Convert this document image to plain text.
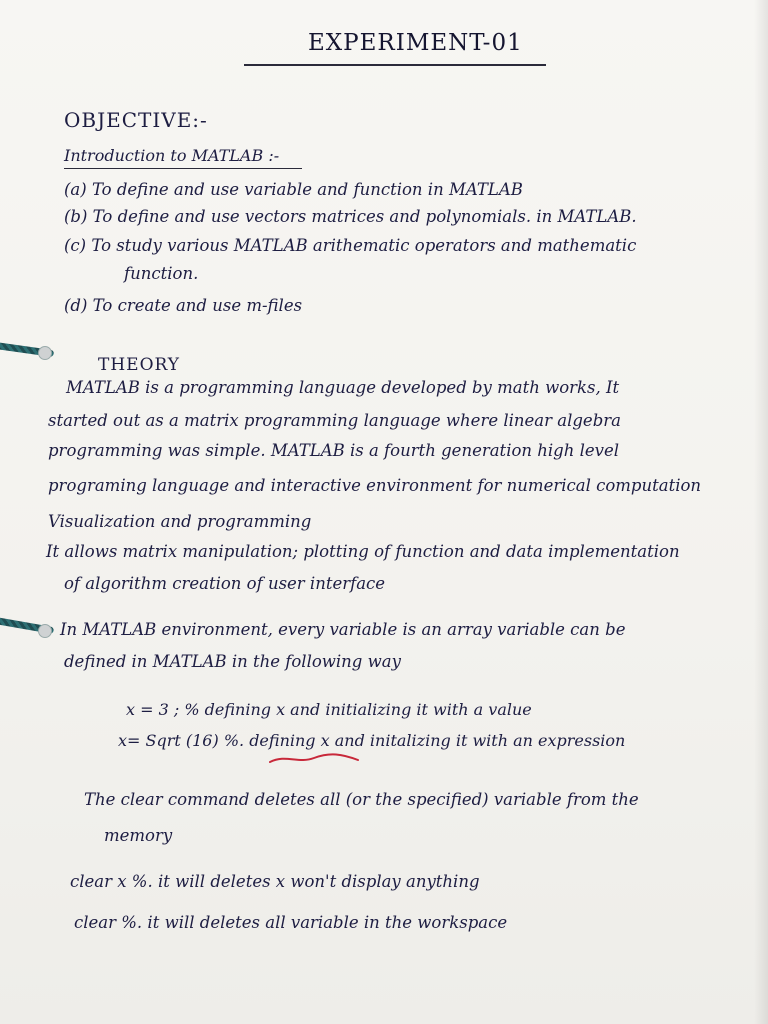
EXPERIMENT-01
OBJECTIVE:-
Introduction to MATLAB :-
(a) To define and use variable and function in MATLAB
(b) To define and use vectors matrices and polynomials. in MATLAB.
(c) To study various MATLAB arithematic operators and mathematic
function.
(d) To create and use m-files
THEORY
MATLAB is a programming language developed by math works, It
started out as a matrix programming language where linear algebra
programming was simple. MATLAB is a fourth generation high level
programing language and interactive environment for numerical computation
Visualization and programming
It allows matrix manipulation; plotting of function and data implementation
of algorithm creation of user interface
In MATLAB environment, every variable is an array variable can be
defined in MATLAB in the following way
x = 3 ; % defining x and initializing it with a value
x= Sqrt (16) %. defining x and initalizing it with an expression
The clear command deletes all (or the specified) variable from the
memory
clear x %. it will deletes x won't display anything
clear %. it will deletes all variable in the workspace
